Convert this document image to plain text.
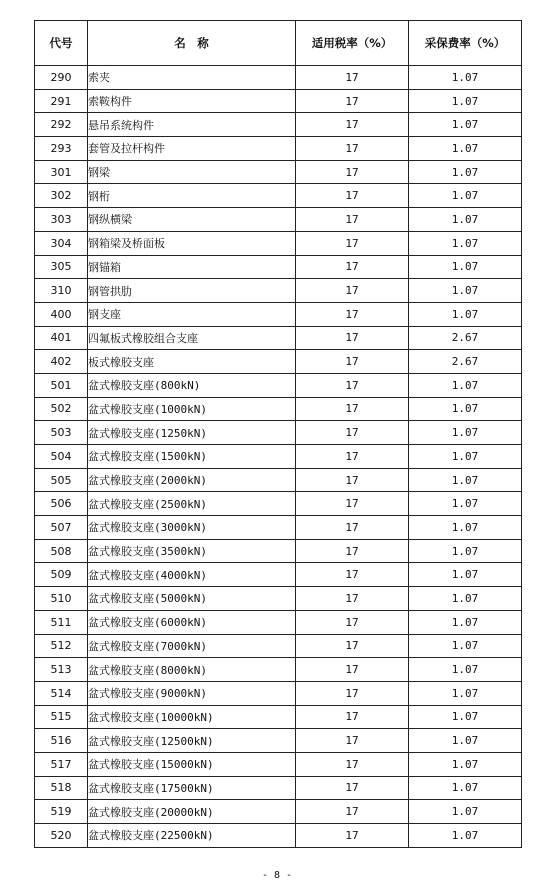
代号	名　称	适用税率（%）	采保费率（%）
290	索夹	17	1.07
291	索鞍构件	17	1.07
292	悬吊系统构件	17	1.07
293	套管及拉杆构件	17	1.07
301	钢梁	17	1.07
302	钢桁	17	1.07
303	钢纵横梁	17	1.07
304	钢箱梁及桥面板	17	1.07
305	钢锚箱	17	1.07
310	钢管拱肋	17	1.07
400	钢支座	17	1.07
401	四氟板式橡胶组合支座	17	2.67
402	板式橡胶支座	17	2.67
501	盆式橡胶支座(800kN)	17	1.07
502	盆式橡胶支座(1000kN)	17	1.07
503	盆式橡胶支座(1250kN)	17	1.07
504	盆式橡胶支座(1500kN)	17	1.07
505	盆式橡胶支座(2000kN)	17	1.07
506	盆式橡胶支座(2500kN)	17	1.07
507	盆式橡胶支座(3000kN)	17	1.07
508	盆式橡胶支座(3500kN)	17	1.07
509	盆式橡胶支座(4000kN)	17	1.07
510	盆式橡胶支座(5000kN)	17	1.07
511	盆式橡胶支座(6000kN)	17	1.07
512	盆式橡胶支座(7000kN)	17	1.07
513	盆式橡胶支座(8000kN)	17	1.07
514	盆式橡胶支座(9000kN)	17	1.07
515	盆式橡胶支座(10000kN)	17	1.07
516	盆式橡胶支座(12500kN)	17	1.07
517	盆式橡胶支座(15000kN)	17	1.07
518	盆式橡胶支座(17500kN)	17	1.07
519	盆式橡胶支座(20000kN)	17	1.07
520	盆式橡胶支座(22500kN)	17	1.07
- 8 -
